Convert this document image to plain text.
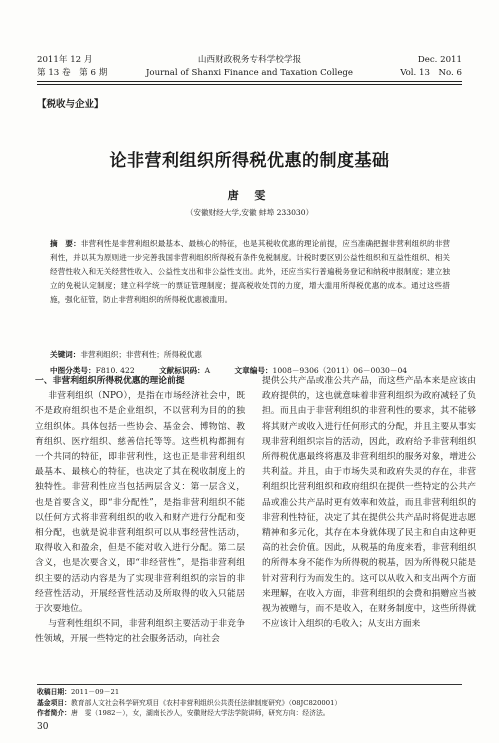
2011年 12 月
第 13 卷　第 6 期
山西财政税务专科学校学报
Journal of Shanxi Finance and Taxation College
Dec. 2011
Vol. 13　No. 6
【税收与企业】
论非营利组织所得税优惠的制度基础
唐 雯
（安徽财经大学,安徽 蚌埠 233030）
摘　要：非营利性是非营利组织最基本、最核心的特征，也是其税收优惠的理论前提，应当准确把握非营利组织的非营利性，并以其为原则进一步完善我国非营利组织所得税有条件免税制度。计税时要区别公益性组织和互益性组织、相关经营性收入和无关经营性收入、公益性支出和非公益性支出。此外，还应当实行普遍税务登记和纳税申报制度；建立独立的免税认定制度；建立科学统一的票证管理制度；提高税收处罚的力度，增大滥用所得税优惠的成本。通过这些措施，强化征管，防止非营利组织的所得税优惠被滥用。
关键词：非营利组织；非营利性；所得税优惠
中图分类号：F810. 422	文献标识码：A	文章编号：1008－9306（2011）06－0030－04
一、非营利组织所得税优惠的理论前提

非营利组织（NPO），是指在市场经济社会中，既不是政府组织也不是企业组织，不以营利为目的的独立组织体。具体包括一些协会、基金会、博物馆、教育组织、医疗组织、慈善信托等等。这些机构都拥有一个共同的特征，即非营利性，这也正是非营利组织最基本、最核心的特征，也决定了其在税收制度上的独特性。非营利性应当包括两层含义：第一层含义，也是首要含义，即“非分配性”，是指非营利组织不能以任何方式将非营利组织的收入和财产进行分配和变相分配，也就是说非营利组织可以从事经营性活动，取得收入和盈余，但是不能对收入进行分配。第二层含义，也是次要含义，即“非经营性”，是指非营利组织主要的活动内容是为了实现非营利组织的宗旨的非经营性活动，开展经营性活动及所取得的收入只能居于次要地位。

与营利性组织不同，非营利组织主要活动于非竞争性领域，开展一些特定的社会服务活动，向社会

提供公共产品或准公共产品，而这些产品本来是应该由政府提供的，这也就意味着非营利组织为政府减轻了负担。而且由于非营利组织的非营利性的要求，其不能够将其财产或收入进行任何形式的分配，并且主要从事实现非营利组织宗旨的活动，因此，政府给予非营利组织所得税优惠最终将惠及非营利组织的服务对象，增进公共利益。并且，由于市场失灵和政府失灵的存在，非营利组织比营利组织和政府组织在提供一些特定的公共产品或准公共产品时更有效率和效益，而且非营利组织的非营利性特征，决定了其在提供公共产品时将促进志愿精神和多元化，其存在本身就体现了民主和自由这种更高的社会价值。因此，从税基的角度来看，非营利组织的所得本身不能作为所得税的税基，因为所得税只能是针对营利行为而发生的。这可以从收入和支出两个方面来理解，在收入方面，非营利组织的会费和捐赠应当被视为被赠与，而不是收入，在财务制度中，这些所得就不应该计入组织的毛收入；从支出方面来

收稿日期：2011－09－21
基金项目：教育部人文社会科学研究项目《农村非营利组织公共责任法律制度研究》（08JC820001）
作者简介：唐　雯（1982－），女，湖南长沙人，安徽财经大学法学院讲师，研究方向：经济法。
30
